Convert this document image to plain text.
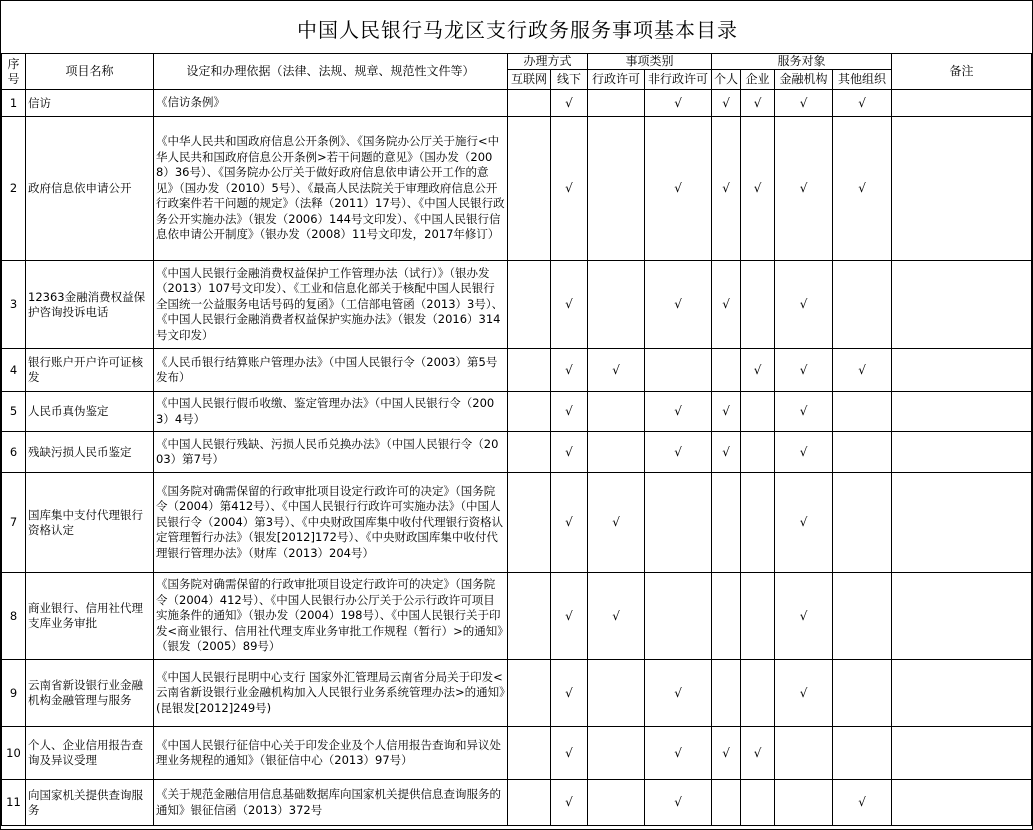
中国人民银行马龙区支行政务服务事项基本目录
序号	项目名称	设定和办理依据（法律、法规、规章、规范性文件等）	办理方式		事项类别		服务对象				备注
			互联网	线下	行政许可	非行政许可	个人	企业	金融机构	其他组织	
1	信访	《信访条例》		√		√	√	√	√	√	
2	政府信息依申请公开	《中华人民共和国政府信息公开条例》、《国务院办公厅关于施行<中华人民共和国政府信息公开条例>若干问题的意见》（国办发（2008）36号）、《国务院办公厅关于做好政府信息依申请公开工作的意见》（国办发（2010）5号）、《最高人民法院关于审理政府信息公开行政案件若干问题的规定》（法释（2011）17号）、《中国人民银行政务公开实施办法》（银发（2006）144号文印发）、《中国人民银行信息依申请公开制度》（银办发（2008）11号文印发，2017年修订）		√		√	√	√	√	√	
3	12363金融消费权益保护咨询投诉电话	《中国人民银行金融消费权益保护工作管理办法（试行）》（银办发（2013）107号文印发）、《工业和信息化部关于核配中国人民银行全国统一公益服务电话号码的复函》（工信部电管函（2013）3号）、《中国人民银行金融消费者权益保护实施办法》（银发（2016）314号文印发）		√		√	√		√		
4	银行账户开户许可证核发	《人民币银行结算账户管理办法》（中国人民银行令（2003）第5号发布）		√	√			√	√	√	
5	人民币真伪鉴定	《中国人民银行假币收缴、鉴定管理办法》（中国人民银行令（2003）4号）		√		√	√		√		
6	残缺污损人民币鉴定	《中国人民银行残缺、污损人民币兑换办法》（中国人民银行令（2003）第7号）		√		√	√		√		
7	国库集中支付代理银行资格认定	《国务院对确需保留的行政审批项目设定行政许可的决定》（国务院令（2004）第412号）、《中国人民银行行政许可实施办法》（中国人民银行令（2004）第3号）、《中央财政国库集中收付代理银行资格认定管理暂行办法》（银发[2012]172号）、《中央财政国库集中收付代理银行管理办法》（财库（2013）204号）		√	√				√		
8	商业银行、信用社代理支库业务审批	《国务院对确需保留的行政审批项目设定行政许可的决定》（国务院令（2004）412号）、《中国人民银行办公厅关于公示行政许可项目实施条件的通知》（银办发（2004）198号）、《中国人民银行关于印发<商业银行、信用社代理支库业务审批工作规程（暂行）>的通知》（银发（2005）89号）		√	√				√		
9	云南省新设银行业金融机构金融管理与服务	《中国人民银行昆明中心支行 国家外汇管理局云南省分局关于印发<云南省新设银行业金融机构加入人民银行业务系统管理办法>的通知》(昆银发[2012]249号)		√		√			√		
10	个人、企业信用报告查询及异议受理	《中国人民银行征信中心关于印发企业及个人信用报告查询和异议处理业务规程的通知》（银征信中心（2013）97号）		√		√	√	√			
11	向国家机关提供查询服务	《关于规范金融信用信息基础数据库向国家机关提供信息查询服务的通知》银征信函（2013）372号		√		√				√	
